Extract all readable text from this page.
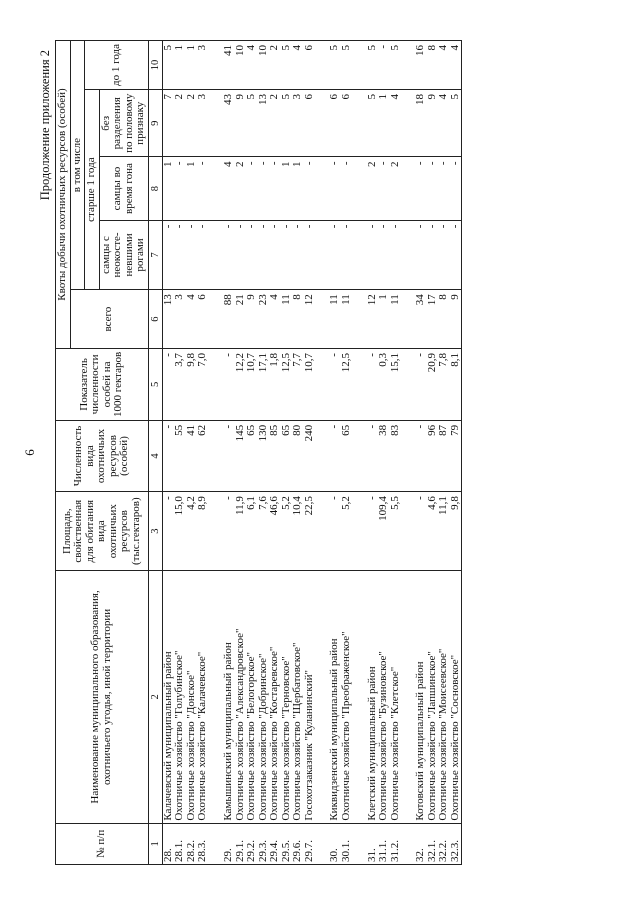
6
Продолжение приложения 2
№ п/п	Наименование муниципального образования, охотничьего угодья, иной территории	Площадь, свойственная для обитания вида охотничьих ресурсов (тыс.гектаров)	Численность вида охотничьих ресурсов (особей)	Показатель численности особей на 1000 гектаров	Квоты добычи охотничьих ресурсов (особей)				
					всего	в том числе			
						старше 1 года			до 1 года
						самцы с неокосте- невшими рогами	самцы во время гона	без разделения по половому признаку	
1	2	3	4	5	6	7	8	9	10
28.	Калачевский муниципальный район	-	-	-	13	-	1	7	5
28.1.	Охотничье хозяйство "Голубинское"	15,0	55	3,7	3	-	-	2	1
28.2.	Охотничье хозяйство "Донское"	4,2	41	9,8	4	-	1	2	1
28.3.	Охотничье хозяйство "Калачевское"	8,9	62	7,0	6	-	-	3	3

29.	Камышинский муниципальный район	-	-	-	88	-	4	43	41
29.1.	Охотничье хозяйство "Александровское"	11,9	145	12,2	21	-	2	9	10
29.2.	Охотничье хозяйство "Белогорское"	6,1	65	10,7	9	-	-	5	4
29.3.	Охотничье хозяйство "Добринское"	7,6	130	17,1	23	-	-	13	10
29.4.	Охотничье хозяйство "Костаревское"	46,6	85	1,8	4	-	-	2	2
29.5.	Охотничье хозяйство "Терновское"	5,2	65	12,5	11	-	1	5	5
29.6.	Охотничье хозяйство "Щербатовское"	10,4	80	7,7	8	-	1	3	4
29.7.	Госохотзаказник "Куланинский"	22,5	240	10,7	12	-	-	6	6

30.	Киквидзенский муниципальный район	-	-	-	11	-	-	6	5
30.1.	Охотничье хозяйство "Преображенское"	5,2	65	12,5	11	-	-	6	5

31.	Клетский муниципальный район	-	-	-	12	-	2	5	5
31.1.	Охотничье хозяйство "Бузиновское"	109,4	38	0,3	1	-	-	1	-
31.2.	Охотничье хозяйство "Клетское"	5,5	83	15,1	11	-	2	4	5

32.	Котовский муниципальный район	-	-	-	34	-	-	18	16
32.1.	Охотничье хозяйство "Лапшинское"	4,6	96	20,9	17	-	-	9	8
32.2.	Охотничье хозяйство "Моисеевское"	11,1	87	7,8	8	-	-	4	4
32.3.	Охотничье хозяйство "Сосновское"	9,8	79	8,1	9	-	-	5	4
